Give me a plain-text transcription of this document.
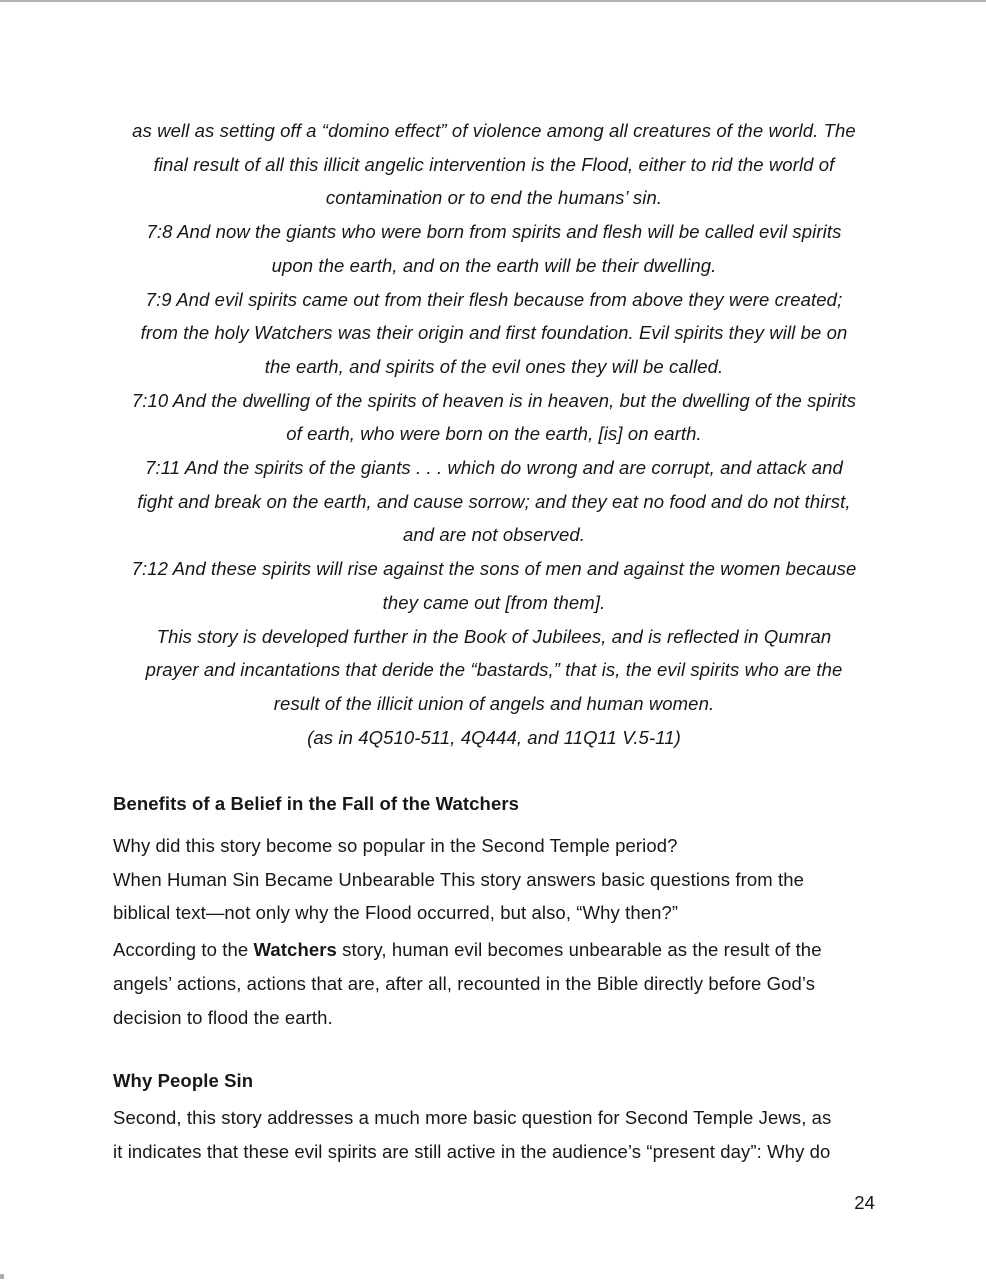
as well as setting off a “domino effect” of violence among all creatures of the world. The
final result of all this illicit angelic intervention is the Flood, either to rid the world of
contamination or to end the humans’ sin.
7:8 And now the giants who were born from spirits and flesh will be called evil spirits
upon the earth, and on the earth will be their dwelling.
7:9 And evil spirits came out from their flesh because from above they were created;
from the holy Watchers was their origin and first foundation. Evil spirits they will be on
the earth, and spirits of the evil ones they will be called.
7:10 And the dwelling of the spirits of heaven is in heaven, but the dwelling of the spirits
of earth, who were born on the earth, [is] on earth.
7:11 And the spirits of the giants . . . which do wrong and are corrupt, and attack and
fight and break on the earth, and cause sorrow; and they eat no food and do not thirst,
and are not observed.
7:12 And these spirits will rise against the sons of men and against the women because
they came out [from them].
This story is developed further in the Book of Jubilees, and is reflected in Qumran
prayer and incantations that deride the “bastards,” that is, the evil spirits who are the
result of the illicit union of angels and human women.
(as in 4Q510-511, 4Q444, and 11Q11 V.5-11)
Benefits of a Belief in the Fall of the Watchers
Why did this story become so popular in the Second Temple period?
When Human Sin Became Unbearable This story answers basic questions from the
biblical text—not only why the Flood occurred, but also, “Why then?”
According to the Watchers story, human evil becomes unbearable as the result of the
angels’ actions, actions that are, after all, recounted in the Bible directly before God’s
decision to flood the earth.
Why People Sin
Second, this story addresses a much more basic question for Second Temple Jews, as
it indicates that these evil spirits are still active in the audience’s “present day”: Why do
24
